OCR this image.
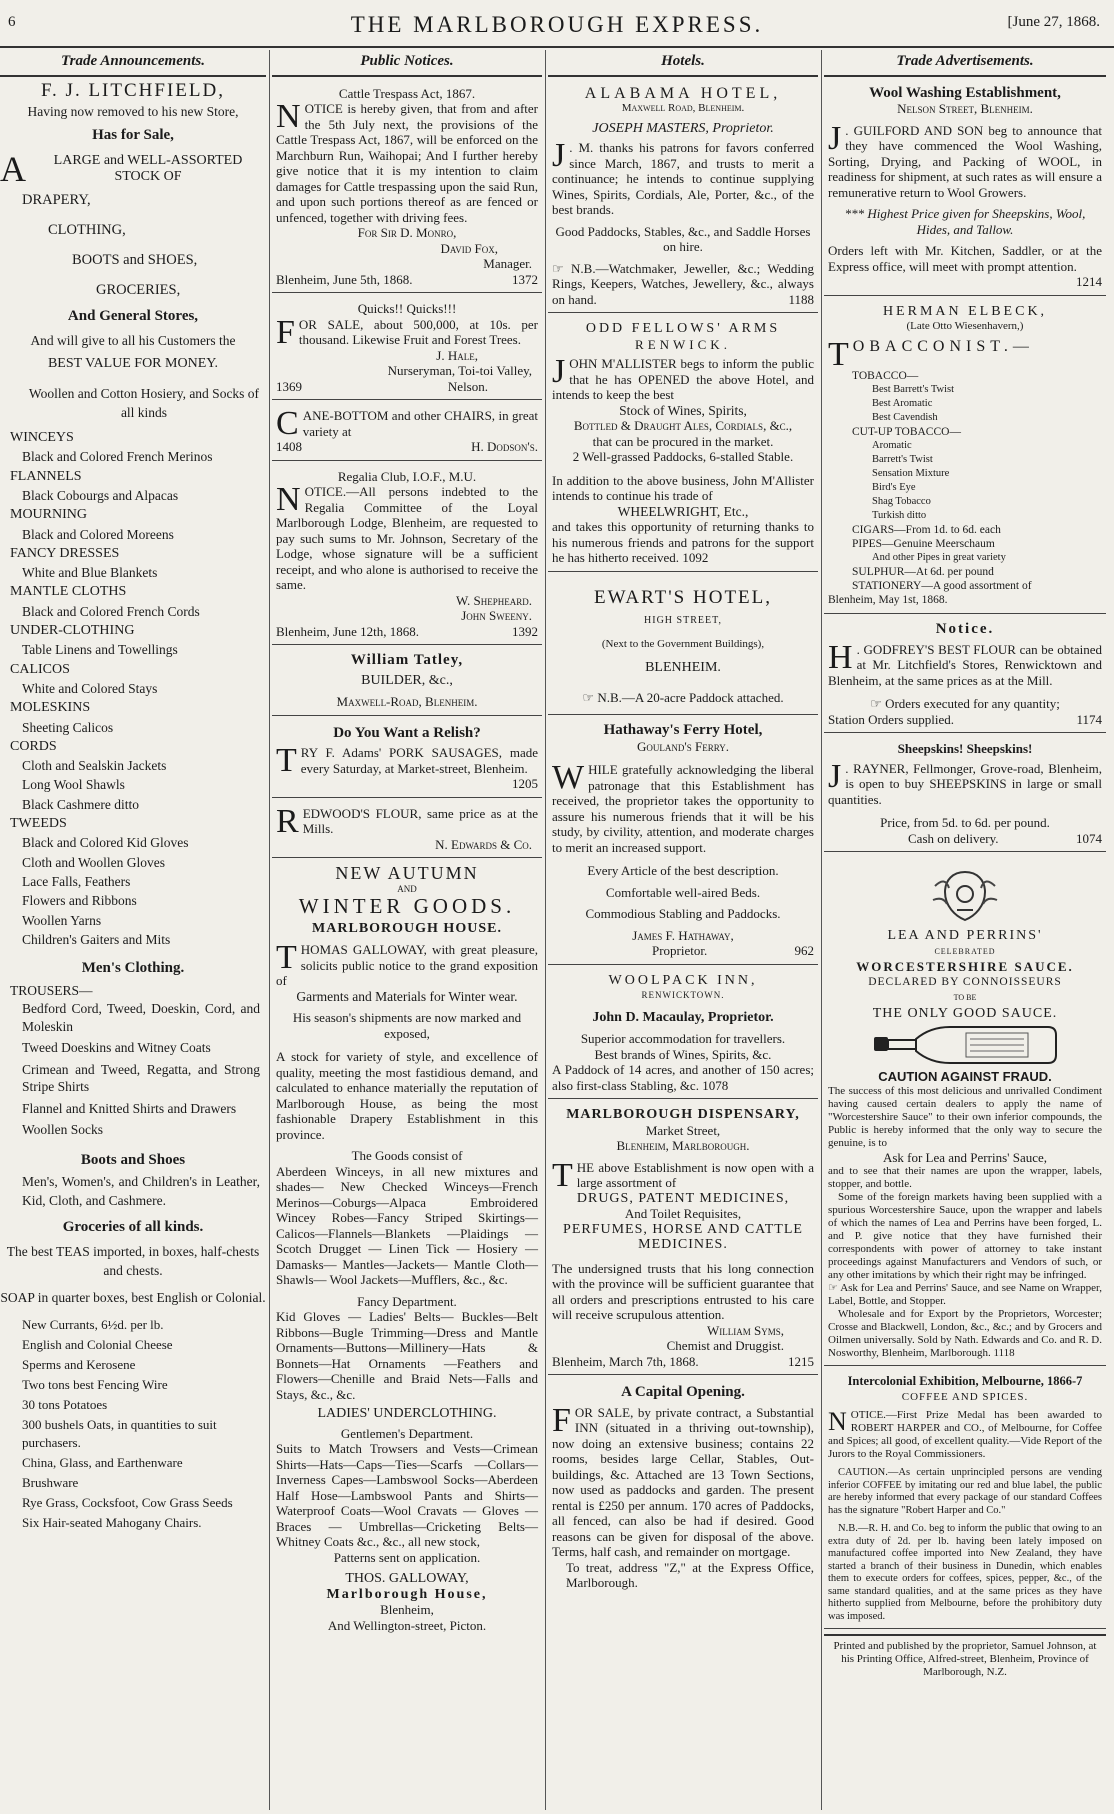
6	THE MARLBOROUGH EXPRESS.	[June 27, 1868.
Trade Announcements.
F. J. LITCHFIELD,
Having now removed to his new Store,
Has for Sale,
A	LARGE and WELL-ASSORTED
STOCK OF
DRAPERY,
CLOTHING,
BOOTS and SHOES,
GROCERIES,
And General Stores,
And will give to all his Customers the
BEST VALUE FOR MONEY.
Woollen and Cotton Hosiery, and Socks of all kinds
WINCEYS
Black and Colored French Merinos
FLANNELS
Black Cobourgs and Alpacas
MOURNING
Black and Colored Moreens
FANCY DRESSES
White and Blue Blankets
MANTLE CLOTHS
Black and Colored French Cords
UNDER-CLOTHING
Table Linens and Towellings
CALICOS
White and Colored Stays
MOLESKINS
Sheeting Calicos
CORDS
Cloth and Sealskin Jackets
Long Wool Shawls
Black Cashmere ditto
TWEEDS
Black and Colored Kid Gloves
Cloth and Woollen Gloves
Lace Falls, Feathers
Flowers and Ribbons
Woollen Yarns
Children's Gaiters and Mits
Men's Clothing.
TROUSERS—
Bedford Cord, Tweed, Doeskin, Cord, and Moleskin
Tweed Doeskins and Witney Coats
Crimean and Tweed, Regatta, and Strong Stripe Shirts
Flannel and Knitted Shirts and Drawers
Woollen Socks
Boots and Shoes
Men's, Women's, and Children's in Leather, Kid, Cloth, and Cashmere.
Groceries of all kinds.
The best TEAS imported, in boxes, half-chests and chests.
SOAP in quarter boxes, best English or Colonial.
New Currants, 6½d. per lb.
English and Colonial Cheese
Sperms and Kerosene
Two tons best Fencing Wire
30 tons Potatoes
300 bushels Oats, in quantities to suit purchasers.
China, Glass, and Earthenware
Brushware
Rye Grass, Cocksfoot, Cow Grass Seeds
Six Hair-seated Mahogany Chairs.
Public Notices.
Cattle Trespass Act, 1867.
NOTICE is hereby given, that from and after the 5th July next, the provisions of the Cattle Trespass Act, 1867, will be enforced on the Marchburn Run, Waihopai; And I further hereby give notice that it is my intention to claim damages for Cattle trespassing upon the said Run, and upon such portions thereof as are fenced or unfenced, together with driving fees.
For Sir D. Monro,
David Fox,
Manager.
Blenheim, June 5th, 1868.	1372
Quicks!! Quicks!!!
FOR SALE, about 500,000, at 10s. per thousand. Likewise Fruit and Forest Trees.
J. Hale,
Nurseryman, Toi-toi Valley,
1369	Nelson.
CANE-BOTTOM and other CHAIRS, in great variety at
1408	H. Dodson's.
Regalia Club, I.O.F., M.U.
NOTICE.—All persons indebted to the Regalia Committee of the Loyal Marlborough Lodge, Blenheim, are requested to pay such sums to Mr. Johnson, Secretary of the Lodge, whose signature will be a sufficient receipt, and who alone is authorised to receive the same.
W. Shepheard.
John Sweeny.
Blenheim, June 12th, 1868.	1392
William Tatley,
BUILDER, &c.,
Maxwell-Road, Blenheim.
Do You Want a Relish?
TRY F. Adams' PORK SAUSAGES, made every Saturday, at Market-street, Blenheim.
1205
REDWOOD'S FLOUR, same price as at the Mills.
N. Edwards & Co.
NEW AUTUMN
AND
WINTER GOODS.
MARLBOROUGH HOUSE.
THOMAS GALLOWAY, with great pleasure, solicits public notice to the grand exposition of
Garments and Materials for Winter wear.
His season's shipments are now marked and exposed,
A stock for variety of style, and excellence of quality, meeting the most fastidious demand, and calculated to enhance materially the reputation of Marlborough House, as being the most fashionable Drapery Establishment in this province.
The Goods consist of
Aberdeen Winceys, in all new mixtures and shades— New Checked Winceys—French Merinos—Coburgs—Alpaca Embroidered Wincey Robes—Fancy Striped Skirtings—Calicos—Flannels—Blankets —Plaidings — Scotch Drugget — Linen Tick — Hosiery — Damasks— Mantles—Jackets— Mantle Cloth— Shawls— Wool Jackets—Mufflers, &c., &c.
Fancy Department.
Kid Gloves — Ladies' Belts— Buckles—Belt Ribbons—Bugle Trimming—Dress and Mantle Ornaments—Buttons—Millinery—Hats & Bonnets—Hat Ornaments —Feathers and Flowers—Chenille and Braid Nets—Falls and Stays, &c., &c.
LADIES' UNDERCLOTHING.
Gentlemen's Department.
Suits to Match Trowsers and Vests—Crimean Shirts—Hats—Caps—Ties—Scarfs —Collars—Inverness Capes—Lambswool Socks—Aberdeen Half Hose—Lambswool Pants and Shirts—Waterproof Coats—Wool Cravats — Gloves — Braces — Umbrellas—Cricketing Belts—Whitney Coats &c., &c., all new stock,
Patterns sent on application.
THOS. GALLOWAY,
Marlborough House,
Blenheim,
And Wellington-street, Picton.
Hotels.
ALABAMA HOTEL,
Maxwell Road, Blenheim.
JOSEPH MASTERS, Proprietor.
J . M. thanks his patrons for favors conferred since March, 1867, and trusts to merit a continuance; he intends to continue supplying Wines, Spirits, Cordials, Ale, Porter, &c., of the best brands.
Good Paddocks, Stables, &c., and Saddle Horses on hire.
☞ N.B.—Watchmaker, Jeweller, &c.; Wedding Rings, Keepers, Watches, Jewellery, &c., always on hand.	1188
ODD FELLOWS' ARMS
RENWICK.
JOHN M'ALLISTER begs to inform the public that he has OPENED the above Hotel, and intends to keep the best
Stock of Wines, Spirits,
Bottled & Draught Ales, Cordials, &c.,
that can be procured in the market.
2 Well-grassed Paddocks, 6-stalled Stable.
In addition to the above business, John M'Allister intends to continue his trade of
WHEELWRIGHT, Etc.,
and takes this opportunity of returning thanks to his numerous friends and patrons for the support he has hitherto received. 1092
EWART'S HOTEL,
HIGH STREET,
(Next to the Government Buildings),
BLENHEIM.
☞ N.B.—A 20-acre Paddock attached.
Hathaway's Ferry Hotel,
Gouland's Ferry.
WHILE gratefully acknowledging the liberal patronage that this Establishment has received, the proprietor takes the opportunity to assure his numerous friends that it will be his study, by civility, attention, and moderate charges to merit an increased support.
Every Article of the best description.
Comfortable well-aired Beds.
Commodious Stabling and Paddocks.
James F. Hathaway,
Proprietor.	962
WOOLPACK INN,
RENWICKTOWN.
John D. Macaulay, Proprietor.
Superior accommodation for travellers.
Best brands of Wines, Spirits, &c.
A Paddock of 14 acres, and another of 150 acres; also first-class Stabling, &c. 1078
MARLBOROUGH DISPENSARY,
Market Street,
Blenheim, Marlborough.
THE above Establishment is now open with a large assortment of
DRUGS, PATENT MEDICINES,
And Toilet Requisites,
PERFUMES, HORSE AND CATTLE MEDICINES.
The undersigned trusts that his long connection with the province will be sufficient guarantee that all orders and prescriptions entrusted to his care will receive scrupulous attention.
William Syms,
Chemist and Druggist.
Blenheim, March 7th, 1868.	1215
A Capital Opening.
FOR SALE, by private contract, a Substantial INN (situated in a thriving out-township), now doing an extensive business; contains 22 rooms, besides large Cellar, Stables, Out-buildings, &c. Attached are 13 Town Sections, now used as paddocks and garden. The present rental is £250 per annum. 170 acres of Paddocks, all fenced, can also be had if desired. Good reasons can be given for disposal of the above. Terms, half cash, and remainder on mortgage.
To treat, address "Z," at the Express Office, Marlborough.
Trade Advertisements.
Wool Washing Establishment,
Nelson Street, Blenheim.
J . GUILFORD AND SON beg to announce that they have commenced the Wool Washing, Sorting, Drying, and Packing of WOOL, in readiness for shipment, at such rates as will ensure a remunerative return to Wool Growers.
*** Highest Price given for Sheepskins, Wool, Hides, and Tallow.
Orders left with Mr. Kitchen, Saddler, or at the Express office, will meet with prompt attention.
1214
HERMAN ELBECK,
(Late Otto Wiesenhavern,)
TOBACCONIST.—
TOBACCO—
Best Barrett's Twist
Best Aromatic
Best Cavendish
CUT-UP TOBACCO—
Aromatic
Barrett's Twist
Sensation Mixture
Bird's Eye
Shag Tobacco
Turkish ditto
CIGARS—From 1d. to 6d. each
PIPES—Genuine Meerschaum
And other Pipes in great variety
SULPHUR—At 6d. per pound
STATIONERY—A good assortment of
Blenheim, May 1st, 1868.
Notice.
H . GODFREY'S BEST FLOUR can be obtained at Mr. Litchfield's Stores, Renwicktown and Blenheim, at the same prices as at the Mill.
☞ Orders executed for any quantity;
Station Orders supplied.	1174
Sheepskins! Sheepskins!
J . RAYNER, Fellmonger, Grove-road, Blenheim, is open to buy SHEEPSKINS in large or small quantities.
Price, from 5d. to 6d. per pound.
Cash on delivery.	1074
LEA AND PERRINS'
CELEBRATED
WORCESTERSHIRE SAUCE.
DECLARED BY CONNOISSEURS
TO BE
THE ONLY GOOD SAUCE.
CAUTION AGAINST FRAUD.
The success of this most delicious and unrivalled Condiment having caused certain dealers to apply the name of "Worcestershire Sauce" to their own inferior compounds, the Public is hereby informed that the only way to secure the genuine, is to
Ask for Lea and Perrins' Sauce,
and to see that their names are upon the wrapper, labels, stopper, and bottle.
Some of the foreign markets having been supplied with a spurious Worcestershire Sauce, upon the wrapper and labels of which the names of Lea and Perrins have been forged, L. and P. give notice that they have furnished their correspondents with power of attorney to take instant proceedings against Manufacturers and Vendors of such, or any other imitations by which their right may be infringed.
☞ Ask for Lea and Perrins' Sauce, and see Name on Wrapper, Label, Bottle, and Stopper.
Wholesale and for Export by the Proprietors, Worcester; Crosse and Blackwell, London, &c., &c.; and by Grocers and Oilmen universally. Sold by Nath. Edwards and Co. and R. D. Nosworthy, Blenheim, Marlborough. 1118
Intercolonial Exhibition, Melbourne, 1866-7
COFFEE AND SPICES.
NOTICE.—First Prize Medal has been awarded to ROBERT HARPER and CO., of Melbourne, for Coffee and Spices; all good, of excellent quality.—Vide Report of the Jurors to the Royal Commissioners.
CAUTION.—As certain unprincipled persons are vending inferior COFFEE by imitating our red and blue label, the public are hereby informed that every package of our standard Coffees has the signature "Robert Harper and Co."
N.B.—R. H. and Co. beg to inform the public that owing to an extra duty of 2d. per lb. having been lately imposed on manufactured coffee imported into New Zealand, they have started a branch of their business in Dunedin, which enables them to execute orders for coffees, spices, pepper, &c., of the same standard qualities, and at the same prices as they have hitherto supplied from Melbourne, before the prohibitory duty was imposed.
Printed and published by the proprietor, Samuel Johnson, at his Printing Office, Alfred-street, Blenheim, Province of Marlborough, N.Z.
